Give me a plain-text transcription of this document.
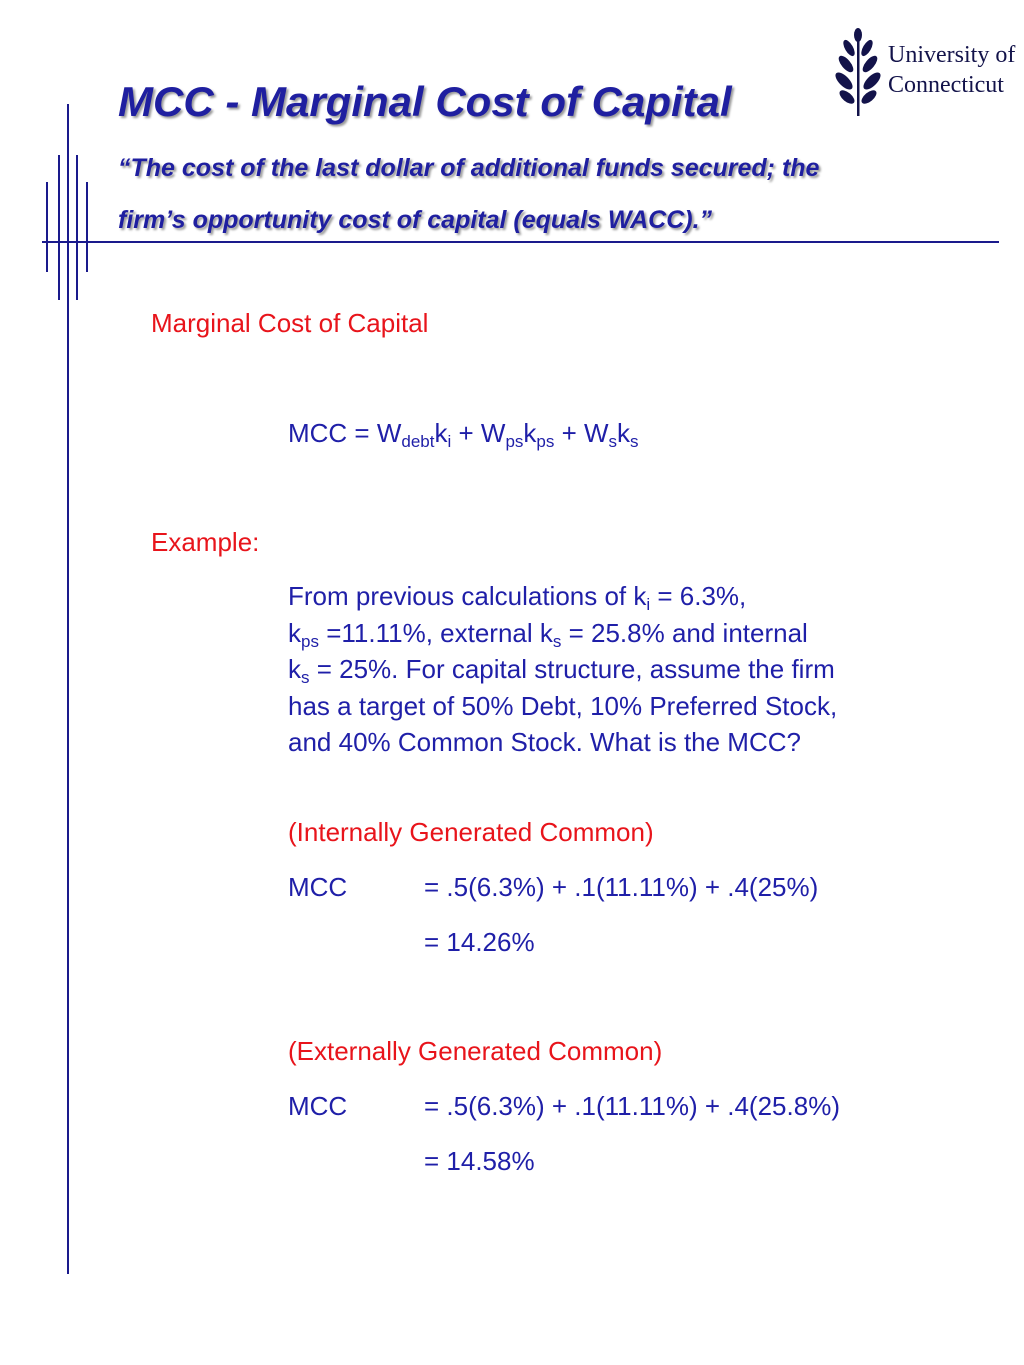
MCC - Marginal Cost of Capital
“The cost of the last dollar of additional funds secured; the
firm’s opportunity cost of capital (equals WACC).”
University of
Connecticut
Marginal Cost of Capital
MCC = $W_{debt}k_i + W_{ps}k_{ps} + W_sk_s$
Example:
From previous calculations of $k_i = 6.3\%$,
$k_{ps} =11.11\%$, external $k_s = 25.8\%$ and internal
$k_s = 25\%$. For capital structure, assume the firm
has a target of 50% Debt, 10% Preferred Stock,
and 40% Common Stock. What is the MCC?
(Internally Generated Common)
MCC	= .5(6.3%) + .1(11.11%) + .4(25%)
= 14.26%
(Externally Generated Common)
MCC	= .5(6.3%) + .1(11.11%) + .4(25.8%)
= 14.58%
